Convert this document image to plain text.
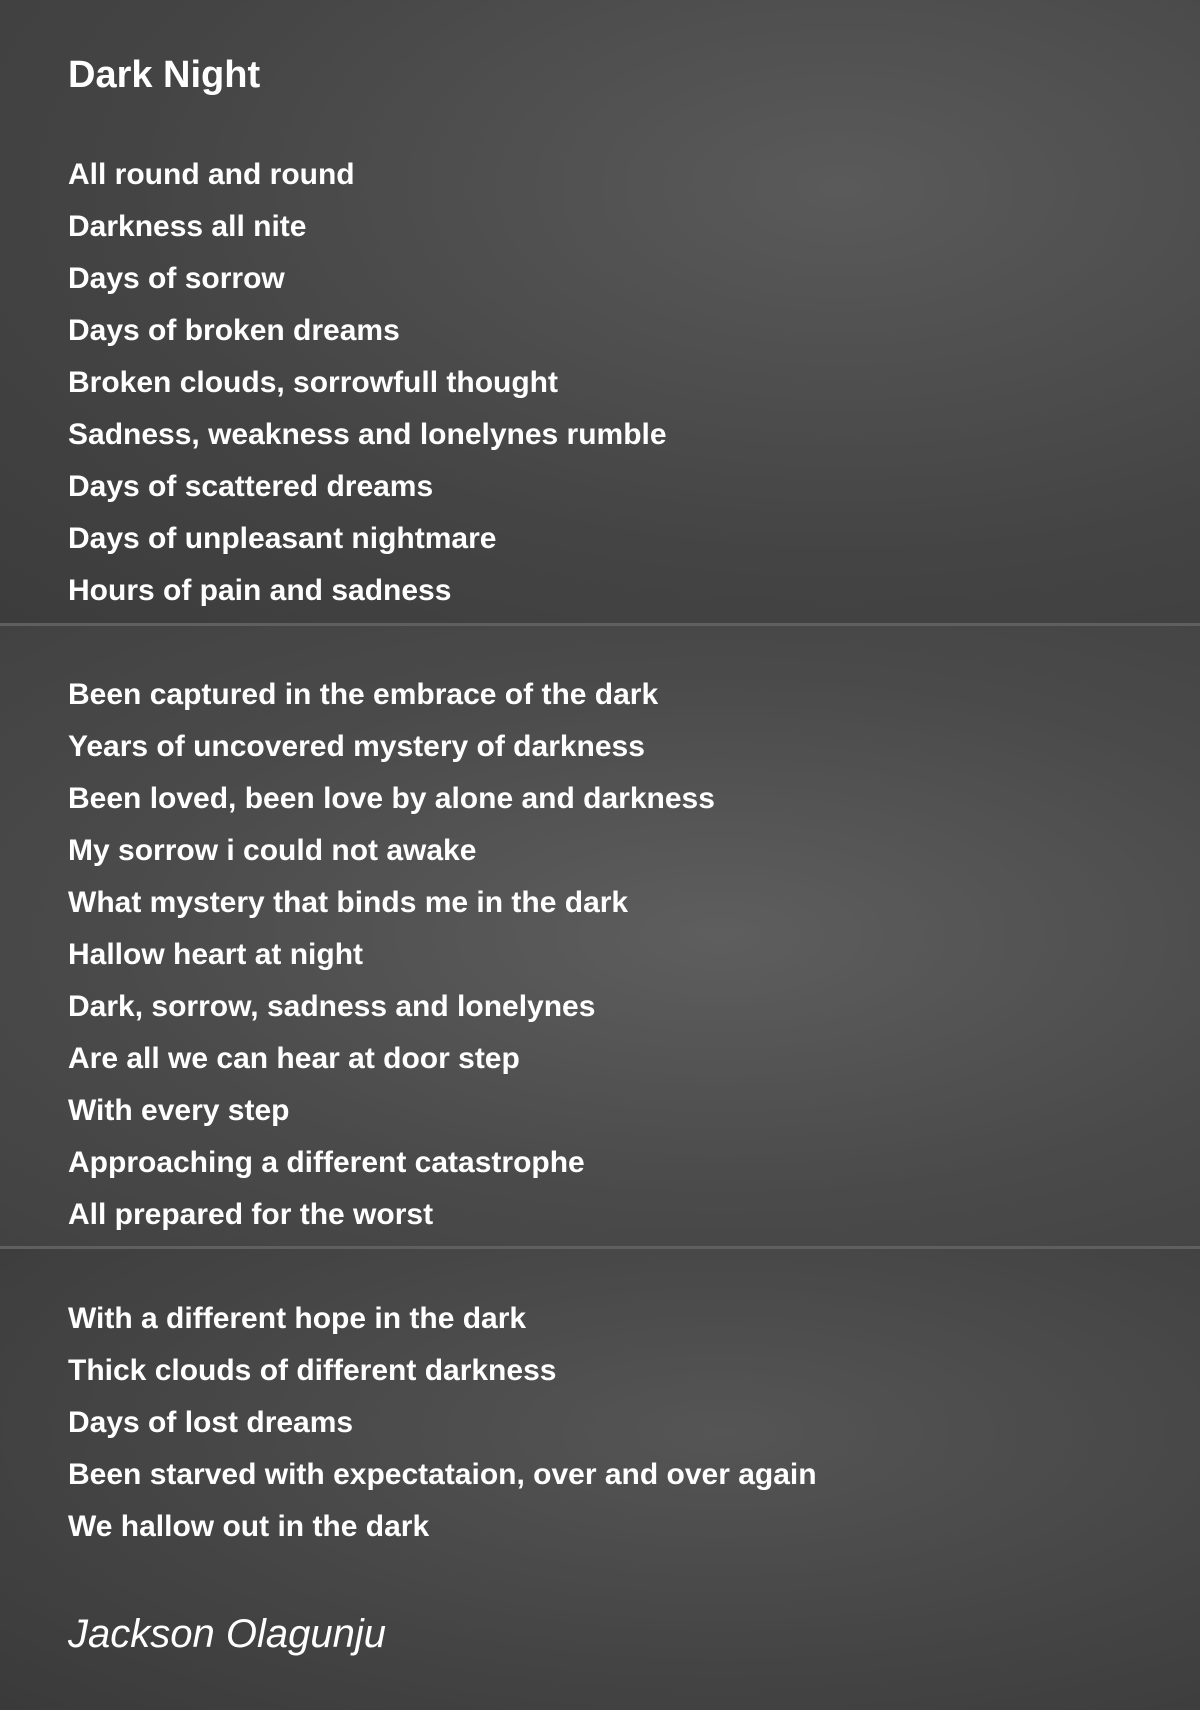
Dark Night
All round and round
Darkness all nite
Days of sorrow
Days of broken dreams
Broken clouds, sorrowfull thought
Sadness, weakness and lonelynes rumble
Days of scattered dreams
Days of unpleasant nightmare
Hours of pain and sadness
Been captured in the embrace of the dark
Years of uncovered mystery of darkness
Been loved, been love by alone and darkness
My sorrow i could not awake
What mystery that binds me in the dark
Hallow heart at night
Dark, sorrow, sadness and lonelynes
Are all we can hear at door step
With every step
Approaching a different catastrophe
All prepared for the worst
With a different hope in the dark
Thick clouds of different darkness
Days of lost dreams
Been starved with expectataion, over and over again
We hallow out in the dark
Jackson Olagunju
